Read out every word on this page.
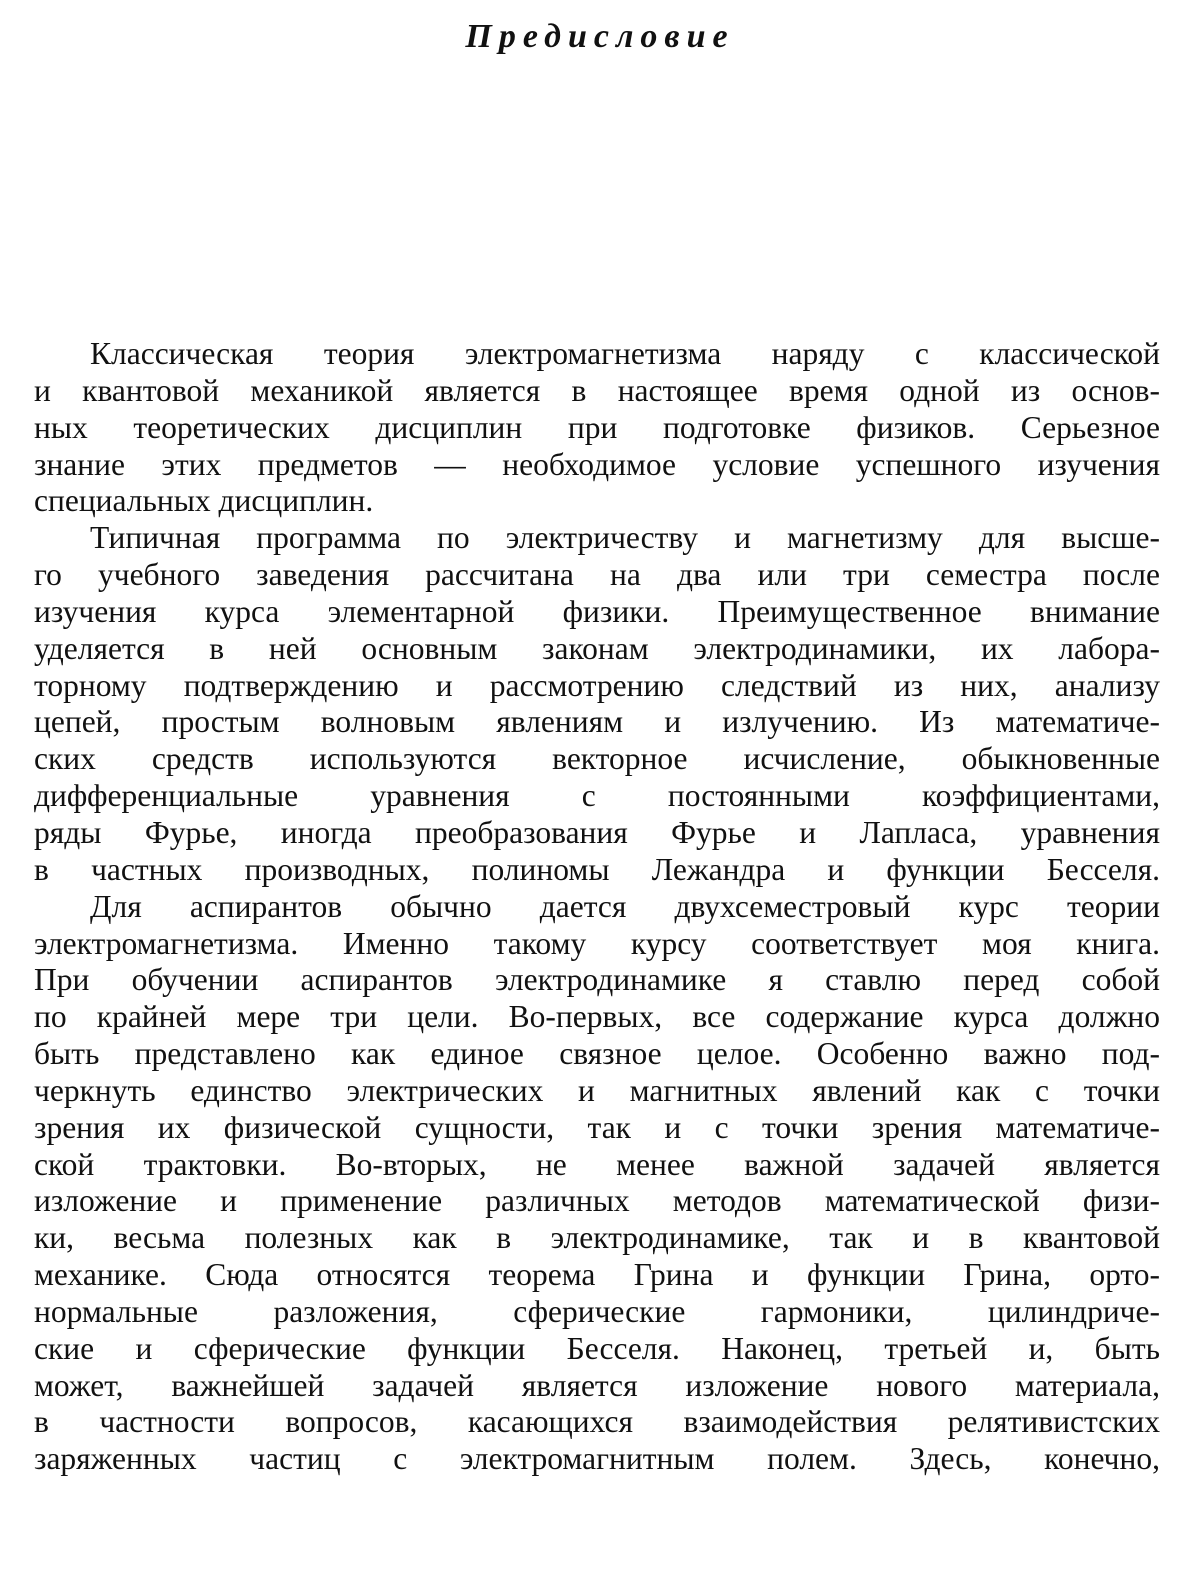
Предисловие
Классическая теория электромагнетизма наряду с классической
и квантовой механикой является в настоящее время одной из основ-
ных теоретических дисциплин при подготовке физиков. Серьезное
знание этих предметов — необходимое условие успешного изучения
специальных дисциплин.
Типичная программа по электричеству и магнетизму для высше-
го учебного заведения рассчитана на два или три семестра после
изучения курса элементарной физики. Преимущественное внимание
уделяется в ней основным законам электродинамики, их лабора-
торному подтверждению и рассмотрению следствий из них, анализу
цепей, простым волновым явлениям и излучению. Из математиче-
ских средств используются векторное исчисление, обыкновенные
дифференциальные уравнения с постоянными коэффициентами,
ряды Фурье, иногда преобразования Фурье и Лапласа, уравнения
в частных производных, полиномы Лежандра и функции Бесселя.
Для аспирантов обычно дается двухсеместровый курс теории
электромагнетизма. Именно такому курсу соответствует моя книга.
При обучении аспирантов электродинамике я ставлю перед собой
по крайней мере три цели. Во-первых, все содержание курса должно
быть представлено как единое связное целое. Особенно важно под-
черкнуть единство электрических и магнитных явлений как с точки
зрения их физической сущности, так и с точки зрения математиче-
ской трактовки. Во-вторых, не менее важной задачей является
изложение и применение различных методов математической физи-
ки, весьма полезных как в электродинамике, так и в квантовой
механике. Сюда относятся теорема Грина и функции Грина, орто-
нормальные разложения, сферические гармоники, цилиндриче-
ские и сферические функции Бесселя. Наконец, третьей и, быть
может, важнейшей задачей является изложение нового материала,
в частности вопросов, касающихся взаимодействия релятивистских
заряженных частиц с электромагнитным полем. Здесь, конечно,
